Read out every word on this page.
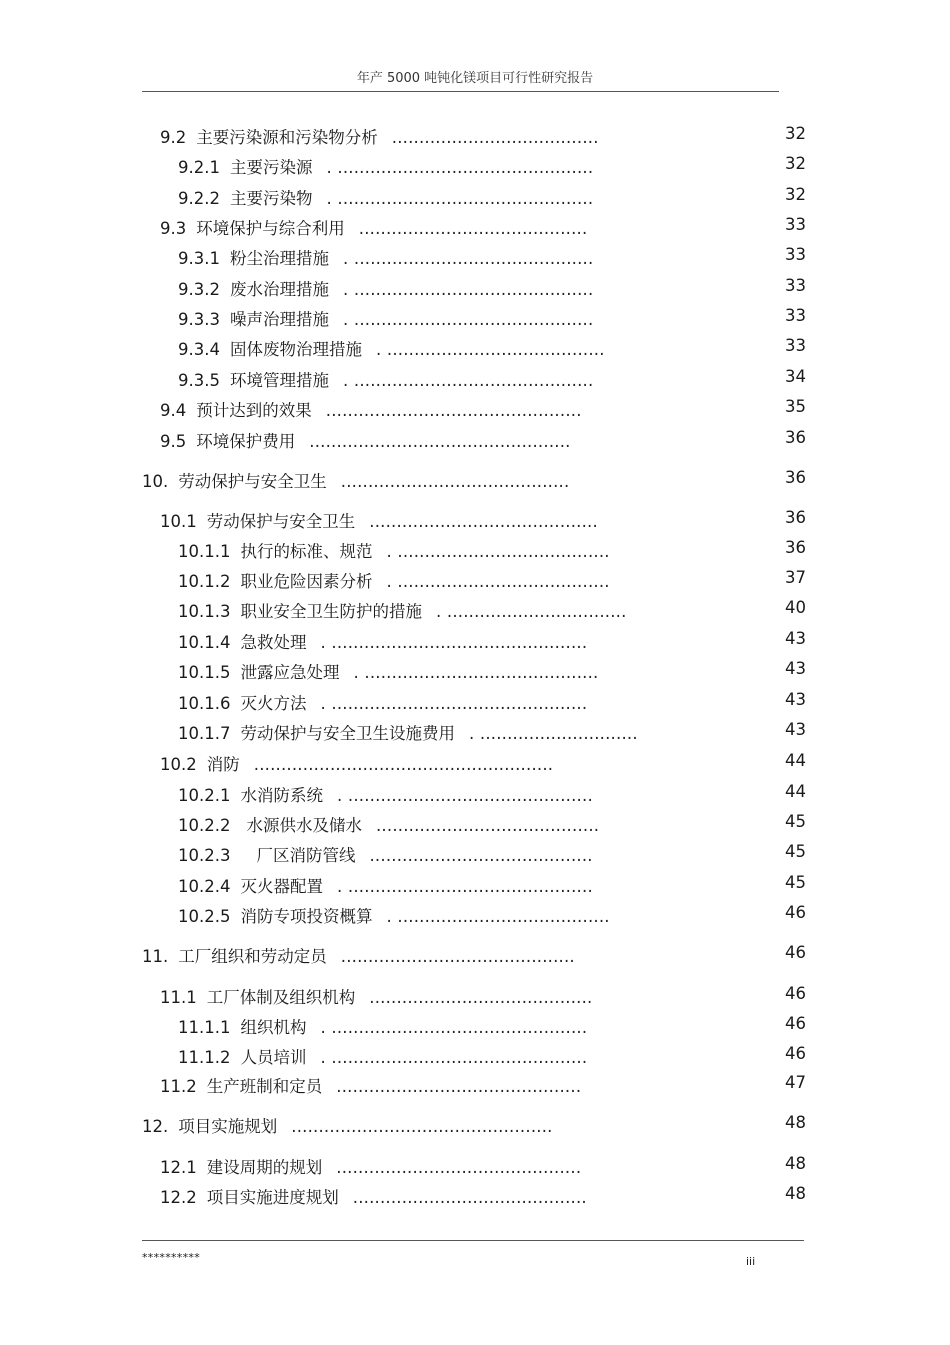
年产 5000 吨钝化镁项目可行性研究报告
9.2 主要污染源和污染物分析 ......................................	32
9.2.1 主要污染源 . ...............................................	32
9.2.2 主要污染物 . ...............................................	32
9.3 环境保护与综合利用 ..........................................	33
9.3.1 粉尘治理措施 . ............................................	33
9.3.2 废水治理措施 . ............................................	33
9.3.3 噪声治理措施 . ............................................	33
9.3.4 固体废物治理措施 . ........................................	33
9.3.5 环境管理措施 . ............................................	34
9.4 预计达到的效果 ...............................................	35
9.5 环境保护费用 ................................................	36
10. 劳动保护与安全卫生 ..........................................	36
10.1 劳动保护与安全卫生 ..........................................	36
10.1.1 执行的标准、规范 . .......................................	36
10.1.2 职业危险因素分析 . .......................................	37
10.1.3 职业安全卫生防护的措施 . .................................	40
10.1.4 急救处理 . ...............................................	43
10.1.5 泄露应急处理 . ...........................................	43
10.1.6 灭火方法 . ...............................................	43
10.1.7 劳动保护与安全卫生设施费用 . .............................	43
10.2 消防 .......................................................	44
10.2.1 水消防系统 . .............................................	44
10.2.2 水源供水及储水 .........................................	45
10.2.3 厂区消防管线 .........................................	45
10.2.4 灭火器配置 . .............................................	45
10.2.5 消防专项投资概算 . .......................................	46
11. 工厂组织和劳动定员 ...........................................	46
11.1 工厂体制及组织机构 .........................................	46
11.1.1 组织机构 . ...............................................	46
11.1.2 人员培训 . ...............................................	46
11.2 生产班制和定员 .............................................	47
12. 项目实施规划 ................................................	48
12.1 建设周期的规划 .............................................	48
12.2 项目实施进度规划 ...........................................	48
**********	iii
